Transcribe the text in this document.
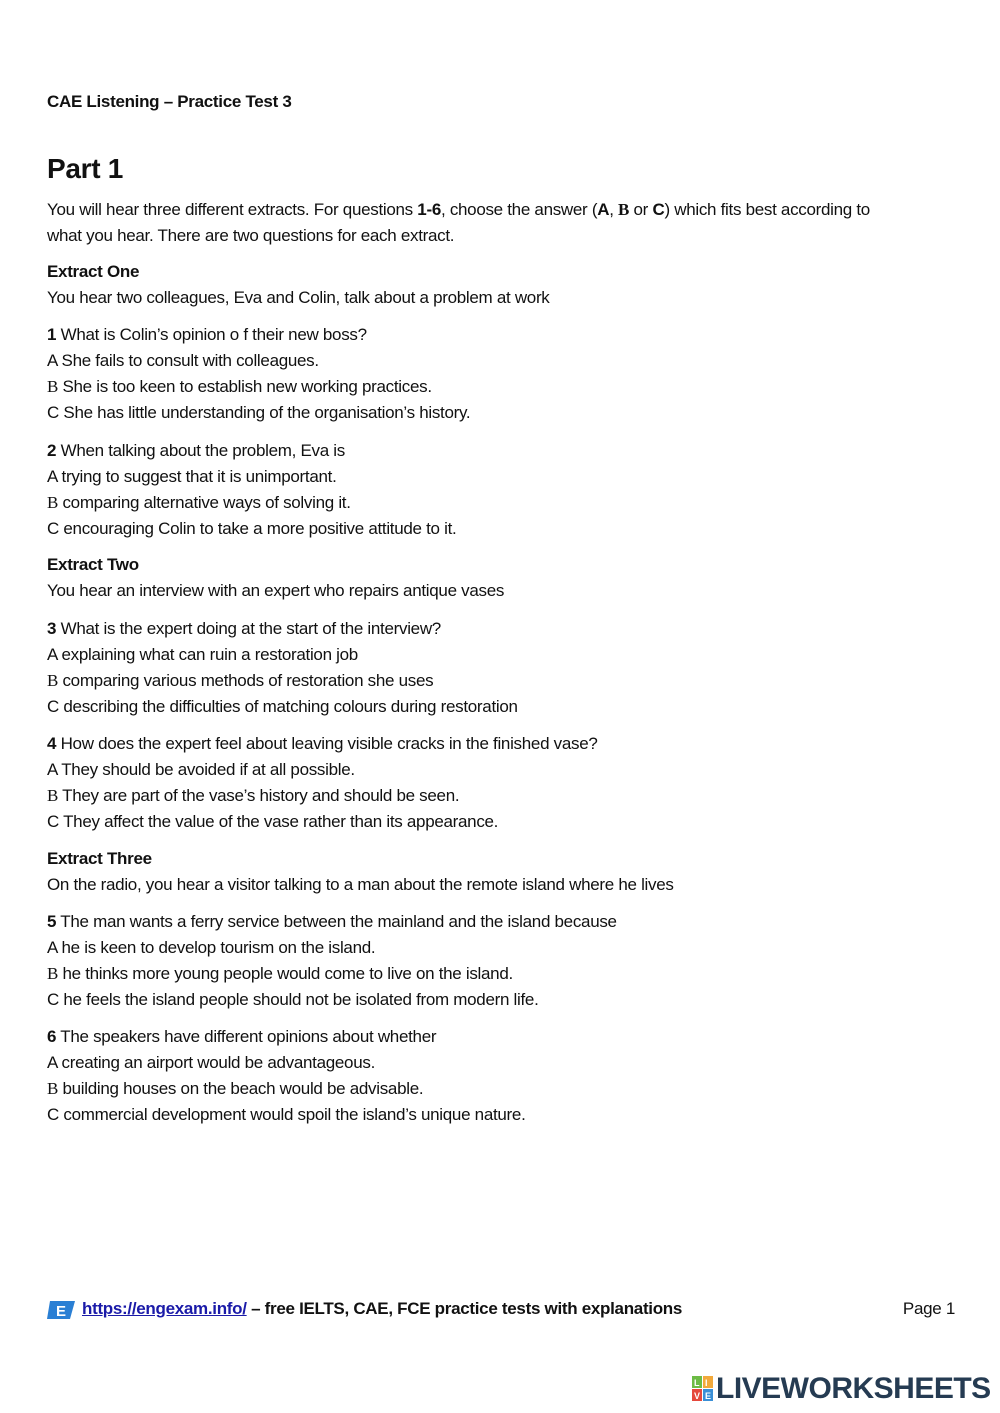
CAE Listening – Practice Test 3
Part 1
You will hear three different extracts. For questions 1-6, choose the answer (A, B or C) which fits best according to
what you hear. There are two questions for each extract.
Extract One
You hear two colleagues, Eva and Colin, talk about a problem at work
1 What is Colin’s opinion o f their new boss?
A She fails to consult with colleagues.
B She is too keen to establish new working practices.
C She has little understanding of the organisation’s history.
2 When talking about the problem, Eva is
A trying to suggest that it is unimportant.
B comparing alternative ways of solving it.
C encouraging Colin to take a more positive attitude to it.
Extract Two
You hear an interview with an expert who repairs antique vases
3 What is the expert doing at the start of the interview?
A explaining what can ruin a restoration job
B comparing various methods of restoration she uses
C describing the difficulties of matching colours during restoration
4 How does the expert feel about leaving visible cracks in the finished vase?
A They should be avoided if at all possible.
B They are part of the vase’s history and should be seen.
C They affect the value of the vase rather than its appearance.
Extract Three
On the radio, you hear a visitor talking to a man about the remote island where he lives
5 The man wants a ferry service between the mainland and the island because
A he is keen to develop tourism on the island.
B he thinks more young people would come to live on the island.
C he feels the island people should not be isolated from modern life.
6 The speakers have different opinions about whether
A creating an airport would be advantageous.
B building houses on the beach would be advisable.
C commercial development would spoil the island’s unique nature.
E https://engexam.info/ – free IELTS, CAE, FCE practice tests with explanations	Page 1
L I
V E LIVEWORKSHEETS
